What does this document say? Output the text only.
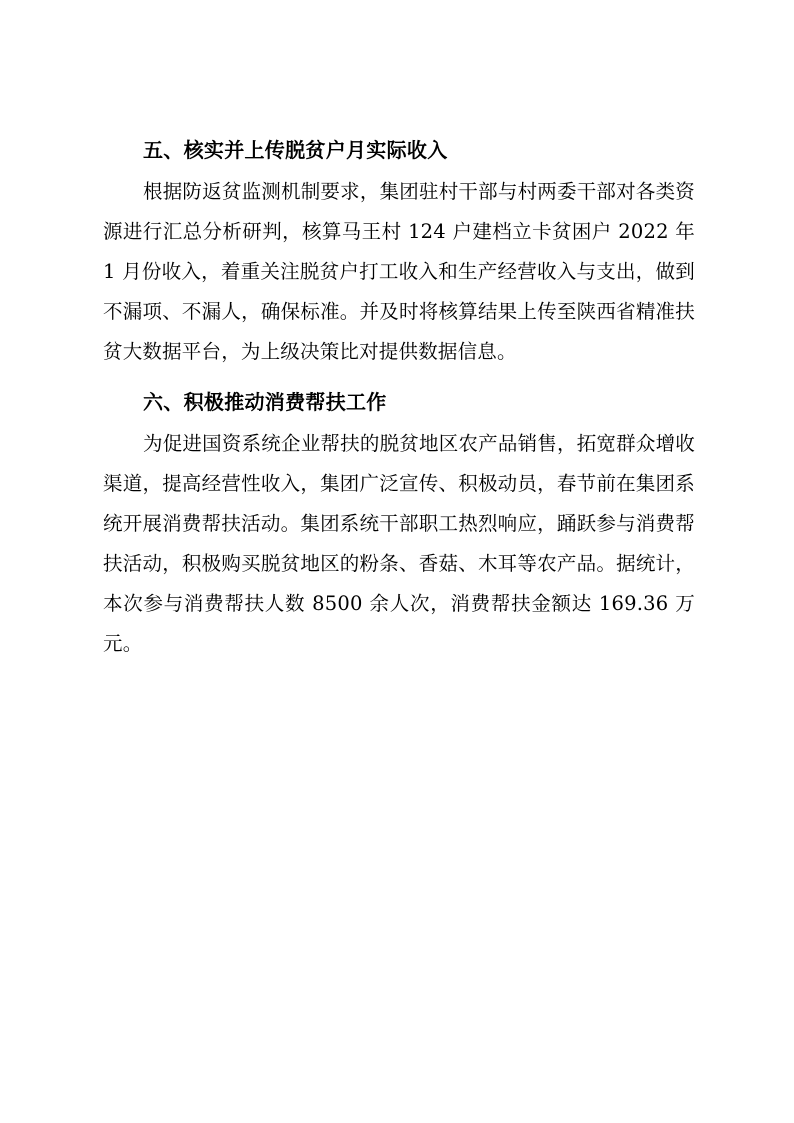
五、核实并上传脱贫户月实际收入

根据防返贫监测机制要求，集团驻村干部与村两委干部对各类资源进行汇总分析研判，核算马王村 124 户建档立卡贫困户 2022 年 1 月份收入，着重关注脱贫户打工收入和生产经营收入与支出，做到不漏项、不漏人，确保标准。并及时将核算结果上传至陕西省精准扶贫大数据平台，为上级决策比对提供数据信息。

六、积极推动消费帮扶工作

为促进国资系统企业帮扶的脱贫地区农产品销售，拓宽群众增收渠道，提高经营性收入，集团广泛宣传、积极动员，春节前在集团系统开展消费帮扶活动。集团系统干部职工热烈响应，踊跃参与消费帮扶活动，积极购买脱贫地区的粉条、香菇、木耳等农产品。据统计，本次参与消费帮扶人数 8500 余人次，消费帮扶金额达 169.36 万元。
